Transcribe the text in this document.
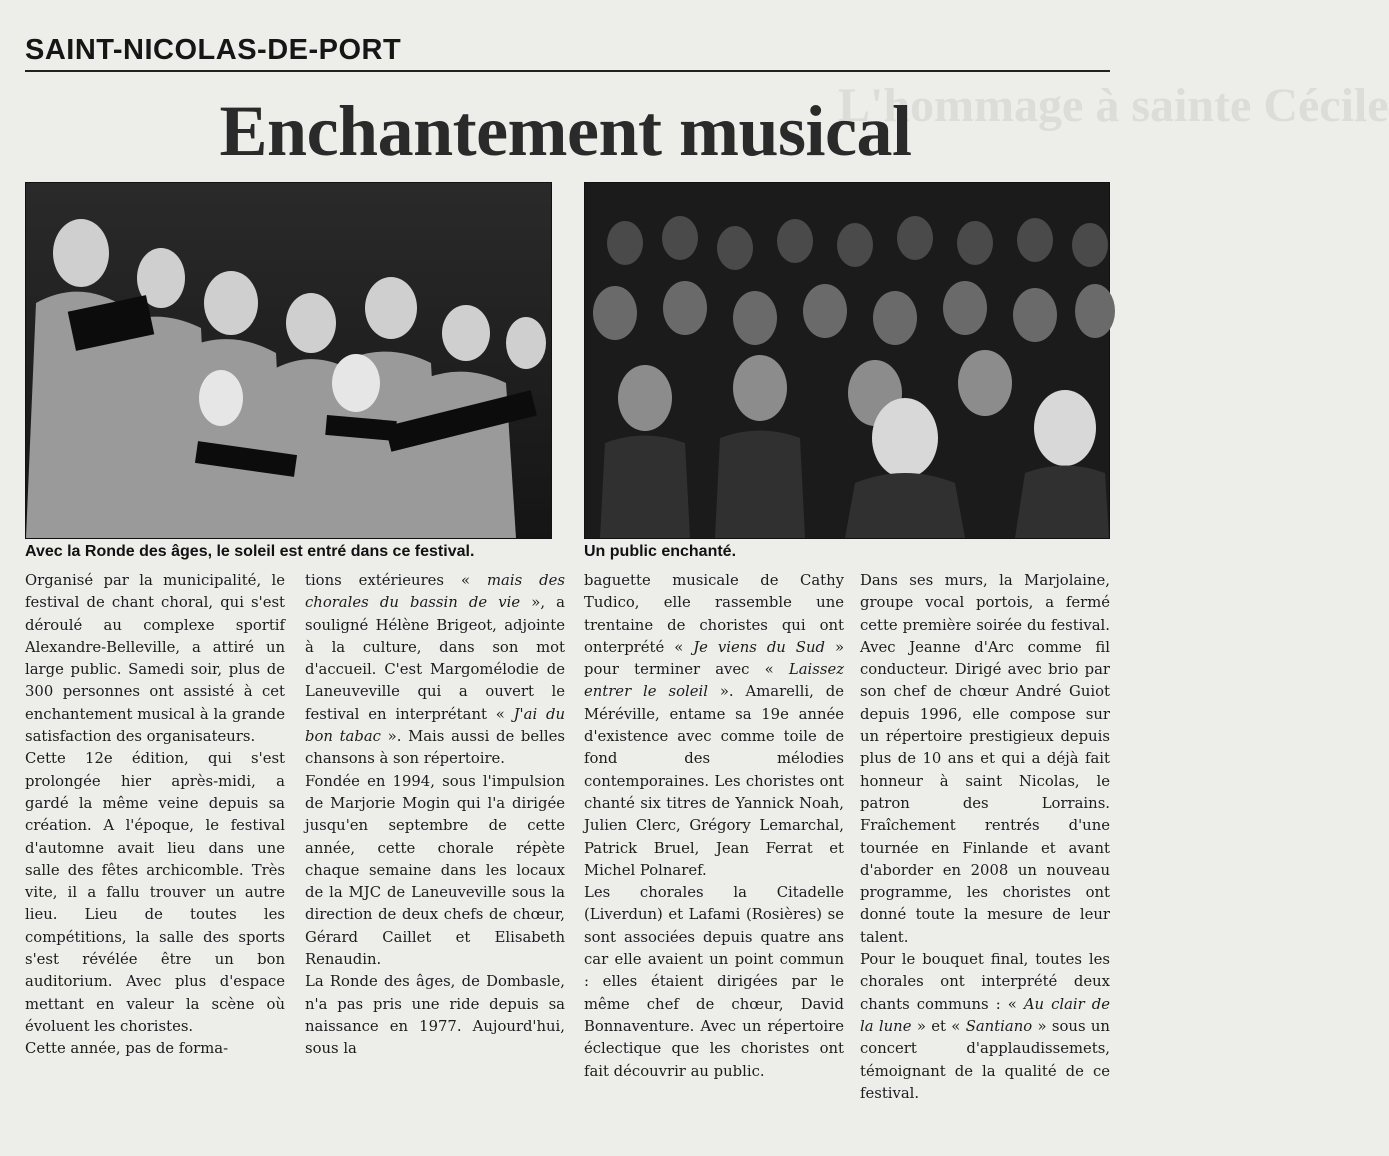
SAINT-NICOLAS-DE-PORT
L'hommage à sainte Cécile
Enchantement musical
Avec la Ronde des âges, le soleil est entré dans ce festival.	Un public enchanté.

Organisé par la municipalité, le festival de chant choral, qui s'est déroulé au complexe sportif Alexandre-Belleville, a attiré un large public. Samedi soir, plus de 300 personnes ont assisté à cet enchantement musical à la grande satisfaction des organisateurs.

Cette 12e édition, qui s'est prolongée hier après-midi, a gardé la même veine depuis sa création. A l'époque, le festival d'automne avait lieu dans une salle des fêtes archicomble. Très vite, il a fallu trouver un autre lieu. Lieu de toutes les compétitions, la salle des sports s'est révélée être un bon auditorium. Avec plus d'espace mettant en valeur la scène où évoluent les choristes.

Cette année, pas de forma-

tions extérieures « mais des chorales du bassin de vie », a souligné Hélène Brigeot, adjointe à la culture, dans son mot d'accueil. C'est Margomélodie de Laneuveville qui a ouvert le festival en interprétant « J'ai du bon tabac ». Mais aussi de belles chansons à son répertoire.

Fondée en 1994, sous l'impulsion de Marjorie Mogin qui l'a dirigée jusqu'en septembre de cette année, cette chorale répète chaque semaine dans les locaux de la MJC de Laneuveville sous la direction de deux chefs de chœur, Gérard Caillet et Elisabeth Renaudin.

La Ronde des âges, de Dombasle, n'a pas pris une ride depuis sa naissance en 1977. Aujourd'hui, sous la

baguette musicale de Cathy Tudico, elle rassemble une trentaine de choristes qui ont onterprété « Je viens du Sud » pour terminer avec « Laissez entrer le soleil ». Amarelli, de Méréville, entame sa 19e année d'existence avec comme toile de fond des mélodies contemporaines. Les choristes ont chanté six titres de Yannick Noah, Julien Clerc, Grégory Lemarchal, Patrick Bruel, Jean Ferrat et Michel Polnaref.

Les chorales la Citadelle (Liverdun) et Lafami (Rosières) se sont associées depuis quatre ans car elle avaient un point commun : elles étaient dirigées par le même chef de chœur, David Bonnaventure. Avec un répertoire éclectique que les choristes ont fait découvrir au public.

Dans ses murs, la Marjolaine, groupe vocal portois, a fermé cette première soirée du festival. Avec Jeanne d'Arc comme fil conducteur. Dirigé avec brio par son chef de chœur André Guiot depuis 1996, elle compose sur un répertoire prestigieux depuis plus de 10 ans et qui a déjà fait honneur à saint Nicolas, le patron des Lorrains. Fraîchement rentrés d'une tournée en Finlande et avant d'aborder en 2008 un nouveau programme, les choristes ont donné toute la mesure de leur talent.

Pour le bouquet final, toutes les chorales ont interprété deux chants communs : « Au clair de la lune » et « Santiano » sous un concert d'applaudissemets, témoignant de la qualité de ce festival.
